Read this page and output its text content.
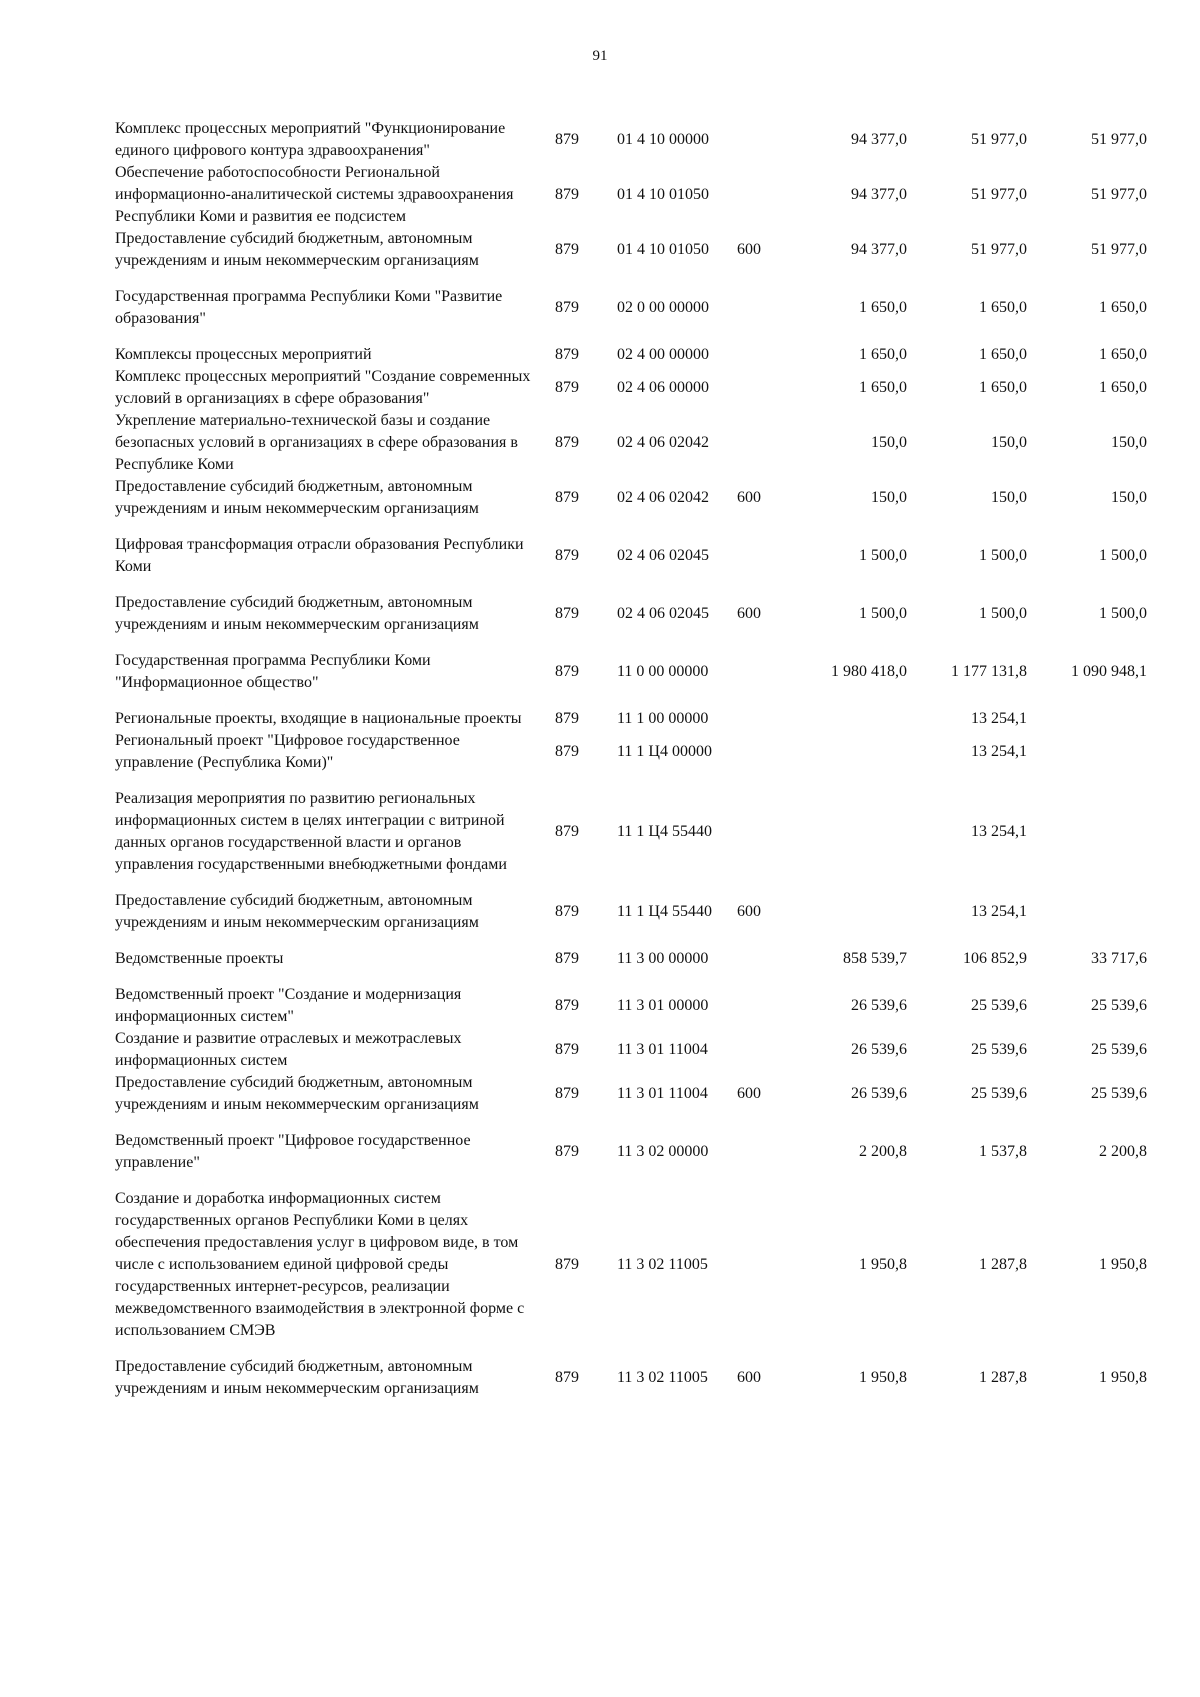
91
Комплекс процессных мероприятий "Функционирование единого цифрового контура здравоохранения"	879	01 4 10 00000		94 377,0	51 977,0	51 977,0
Обеспечение работоспособности Региональной информационно-аналитической системы здравоохранения Республики Коми и развития ее подсистем	879	01 4 10 01050		94 377,0	51 977,0	51 977,0
Предоставление субсидий бюджетным, автономным учреждениям и иным некоммерческим организациям	879	01 4 10 01050	600	94 377,0	51 977,0	51 977,0

Государственная программа Республики Коми "Развитие образования"	879	02 0 00 00000		1 650,0	1 650,0	1 650,0

Комплексы процессных мероприятий	879	02 4 00 00000		1 650,0	1 650,0	1 650,0
Комплекс процессных мероприятий "Создание современных условий в организациях в сфере образования"	879	02 4 06 00000		1 650,0	1 650,0	1 650,0
Укрепление материально-технической базы и создание безопасных условий в организациях в сфере образования в Республике Коми	879	02 4 06 02042		150,0	150,0	150,0
Предоставление субсидий бюджетным, автономным учреждениям и иным некоммерческим организациям	879	02 4 06 02042	600	150,0	150,0	150,0

Цифровая трансформация отрасли образования Республики Коми	879	02 4 06 02045		1 500,0	1 500,0	1 500,0

Предоставление субсидий бюджетным, автономным учреждениям и иным некоммерческим организациям	879	02 4 06 02045	600	1 500,0	1 500,0	1 500,0

Государственная программа Республики Коми "Информационное общество"	879	11 0 00 00000		1 980 418,0	1 177 131,8	1 090 948,1

Региональные проекты, входящие в национальные проекты	879	11 1 00 00000			13 254,1	
Региональный проект "Цифровое государственное управление (Республика Коми)"	879	11 1 Ц4 00000			13 254,1	

Реализация мероприятия по развитию региональных информационных систем в целях интеграции с витриной данных органов государственной власти и органов управления государственными внебюджетными фондами	879	11 1 Ц4 55440			13 254,1	

Предоставление субсидий бюджетным, автономным учреждениям и иным некоммерческим организациям	879	11 1 Ц4 55440	600		13 254,1	

Ведомственные проекты	879	11 3 00 00000		858 539,7	106 852,9	33 717,6

Ведомственный проект "Создание и модернизация информационных систем"	879	11 3 01 00000		26 539,6	25 539,6	25 539,6
Создание и развитие отраслевых и межотраслевых информационных систем	879	11 3 01 11004		26 539,6	25 539,6	25 539,6
Предоставление субсидий бюджетным, автономным учреждениям и иным некоммерческим организациям	879	11 3 01 11004	600	26 539,6	25 539,6	25 539,6

Ведомственный проект "Цифровое государственное управление"	879	11 3 02 00000		2 200,8	1 537,8	2 200,8

Создание и доработка информационных систем государственных органов Республики Коми в целях обеспечения предоставления услуг в цифровом виде, в том числе с использованием единой цифровой среды государственных интернет-ресурсов, реализации межведомственного взаимодействия в электронной форме с использованием СМЭВ	879	11 3 02 11005		1 950,8	1 287,8	1 950,8

Предоставление субсидий бюджетным, автономным учреждениям и иным некоммерческим организациям	879	11 3 02 11005	600	1 950,8	1 287,8	1 950,8
